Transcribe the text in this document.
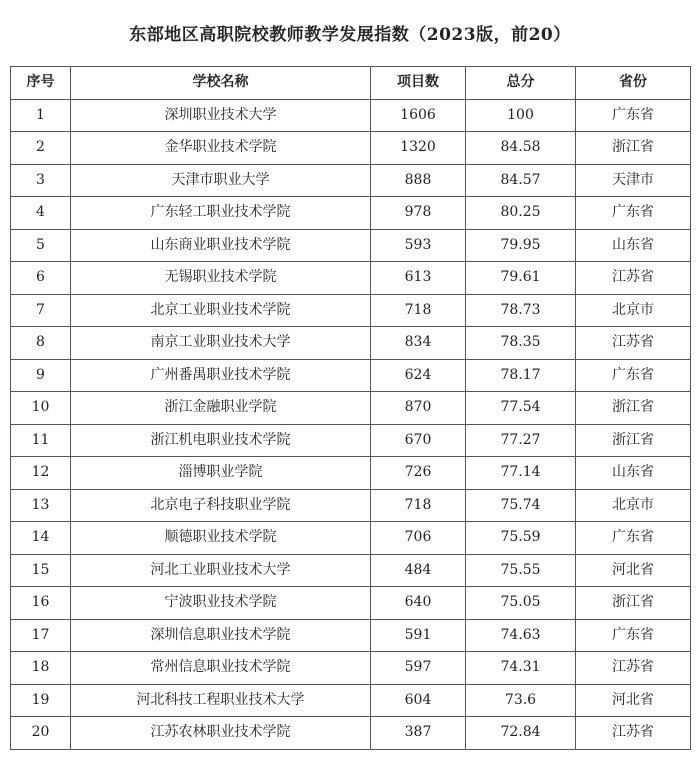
东部地区高职院校教师教学发展指数（2023版，前20）
序号	学校名称	项目数	总分	省份
1	深圳职业技术大学	1606	100	广东省
2	金华职业技术学院	1320	84.58	浙江省
3	天津市职业大学	888	84.57	天津市
4	广东轻工职业技术学院	978	80.25	广东省
5	山东商业职业技术学院	593	79.95	山东省
6	无锡职业技术学院	613	79.61	江苏省
7	北京工业职业技术学院	718	78.73	北京市
8	南京工业职业技术大学	834	78.35	江苏省
9	广州番禺职业技术学院	624	78.17	广东省
10	浙江金融职业学院	870	77.54	浙江省
11	浙江机电职业技术学院	670	77.27	浙江省
12	淄博职业学院	726	77.14	山东省
13	北京电子科技职业学院	718	75.74	北京市
14	顺德职业技术学院	706	75.59	广东省
15	河北工业职业技术大学	484	75.55	河北省
16	宁波职业技术学院	640	75.05	浙江省
17	深圳信息职业技术学院	591	74.63	广东省
18	常州信息职业技术学院	597	74.31	江苏省
19	河北科技工程职业技术大学	604	73.6	河北省
20	江苏农林职业技术学院	387	72.84	江苏省
